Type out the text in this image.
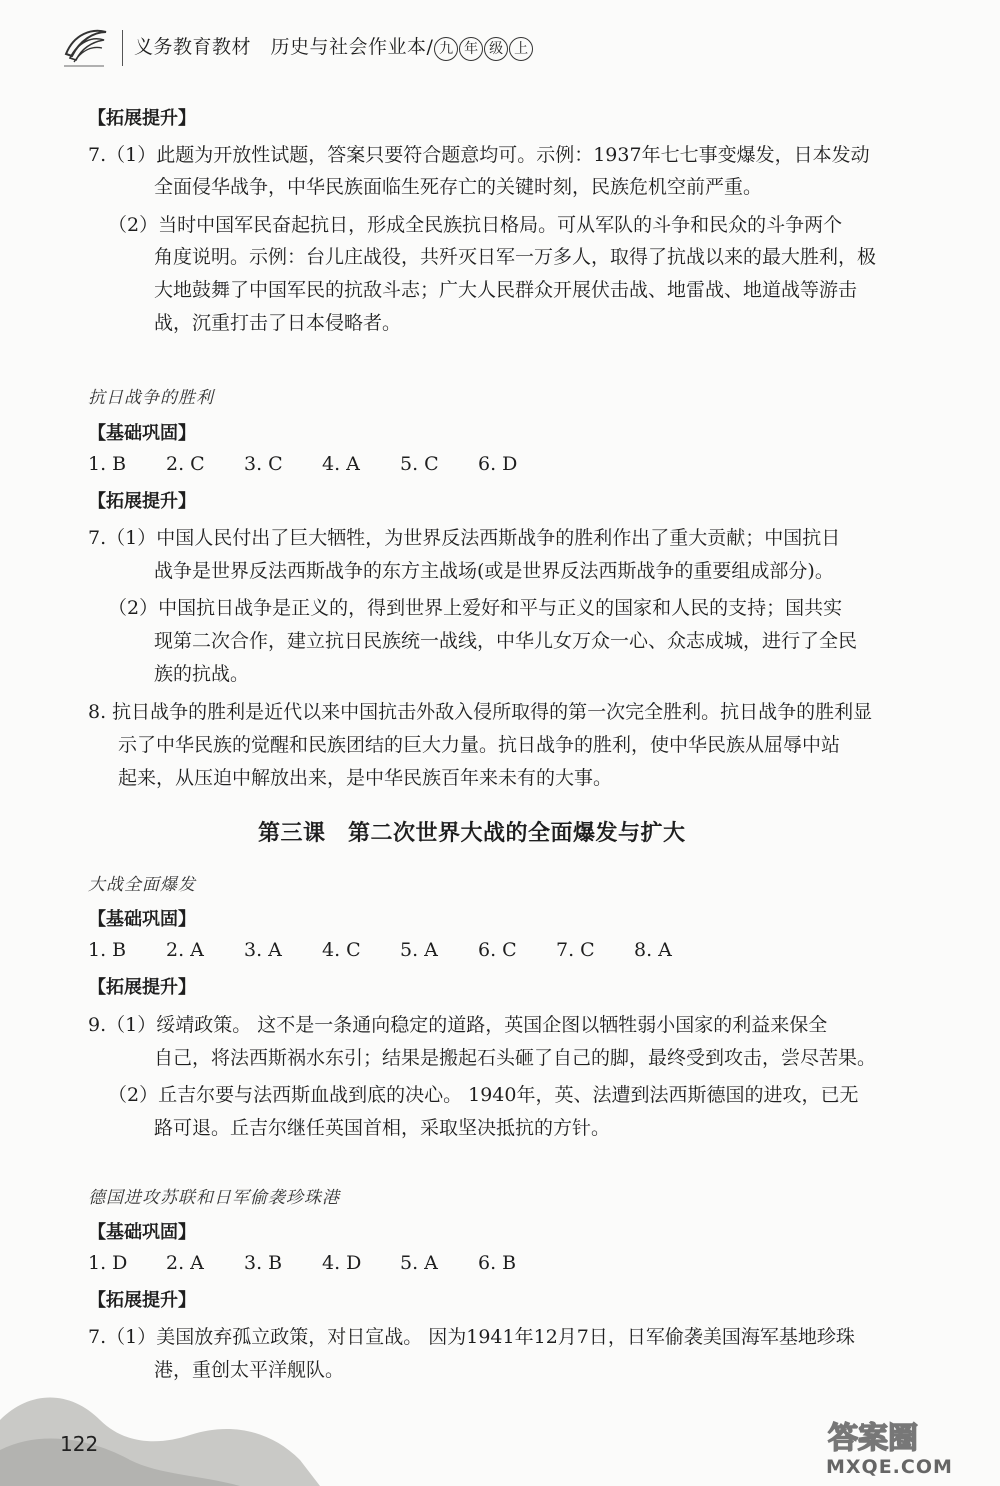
义务教育教材　历史与社会作业本/ 九 年 级 上
【拓展提升】
7.（1）此题为开放性试题，答案只要符合题意均可。示例：1937年七七事变爆发，日本发动
全面侵华战争，中华民族面临生死存亡的关键时刻，民族危机空前严重。
（2）当时中国军民奋起抗日，形成全民族抗日格局。可从军队的斗争和民众的斗争两个
角度说明。示例：台儿庄战役，共歼灭日军一万多人，取得了抗战以来的最大胜利，极
大地鼓舞了中国军民的抗敌斗志；广大人民群众开展伏击战、地雷战、地道战等游击
战，沉重打击了日本侵略者。
抗日战争的胜利
【基础巩固】
1. B 2. C 3. C 4. A 5. C 6. D
【拓展提升】
7.（1）中国人民付出了巨大牺牲，为世界反法西斯战争的胜利作出了重大贡献；中国抗日
战争是世界反法西斯战争的东方主战场(或是世界反法西斯战争的重要组成部分)。
（2）中国抗日战争是正义的，得到世界上爱好和平与正义的国家和人民的支持；国共实
现第二次合作，建立抗日民族统一战线，中华儿女万众一心、众志成城，进行了全民
族的抗战。
8. 抗日战争的胜利是近代以来中国抗击外敌入侵所取得的第一次完全胜利。抗日战争的胜利显
示了中华民族的觉醒和民族团结的巨大力量。抗日战争的胜利，使中华民族从屈辱中站
起来，从压迫中解放出来，是中华民族百年来未有的大事。
第三课　第二次世界大战的全面爆发与扩大
大战全面爆发
【基础巩固】
1. B 2. A 3. A 4. C 5. A 6. C 7. C 8. A
【拓展提升】
9.（1）绥靖政策。 这不是一条通向稳定的道路，英国企图以牺牲弱小国家的利益来保全
自己，将法西斯祸水东引；结果是搬起石头砸了自己的脚，最终受到攻击，尝尽苦果。
（2）丘吉尔要与法西斯血战到底的决心。 1940年，英、法遭到法西斯德国的进攻，已无
路可退。丘吉尔继任英国首相，采取坚决抵抗的方针。
德国进攻苏联和日军偷袭珍珠港
【基础巩固】
1. D 2. A 3. B 4. D 5. A 6. B
【拓展提升】
7.（1）美国放弃孤立政策，对日宣战。 因为1941年12月7日，日军偷袭美国海军基地珍珠
港，重创太平洋舰队。
122	答案圈
MXQE.COM
